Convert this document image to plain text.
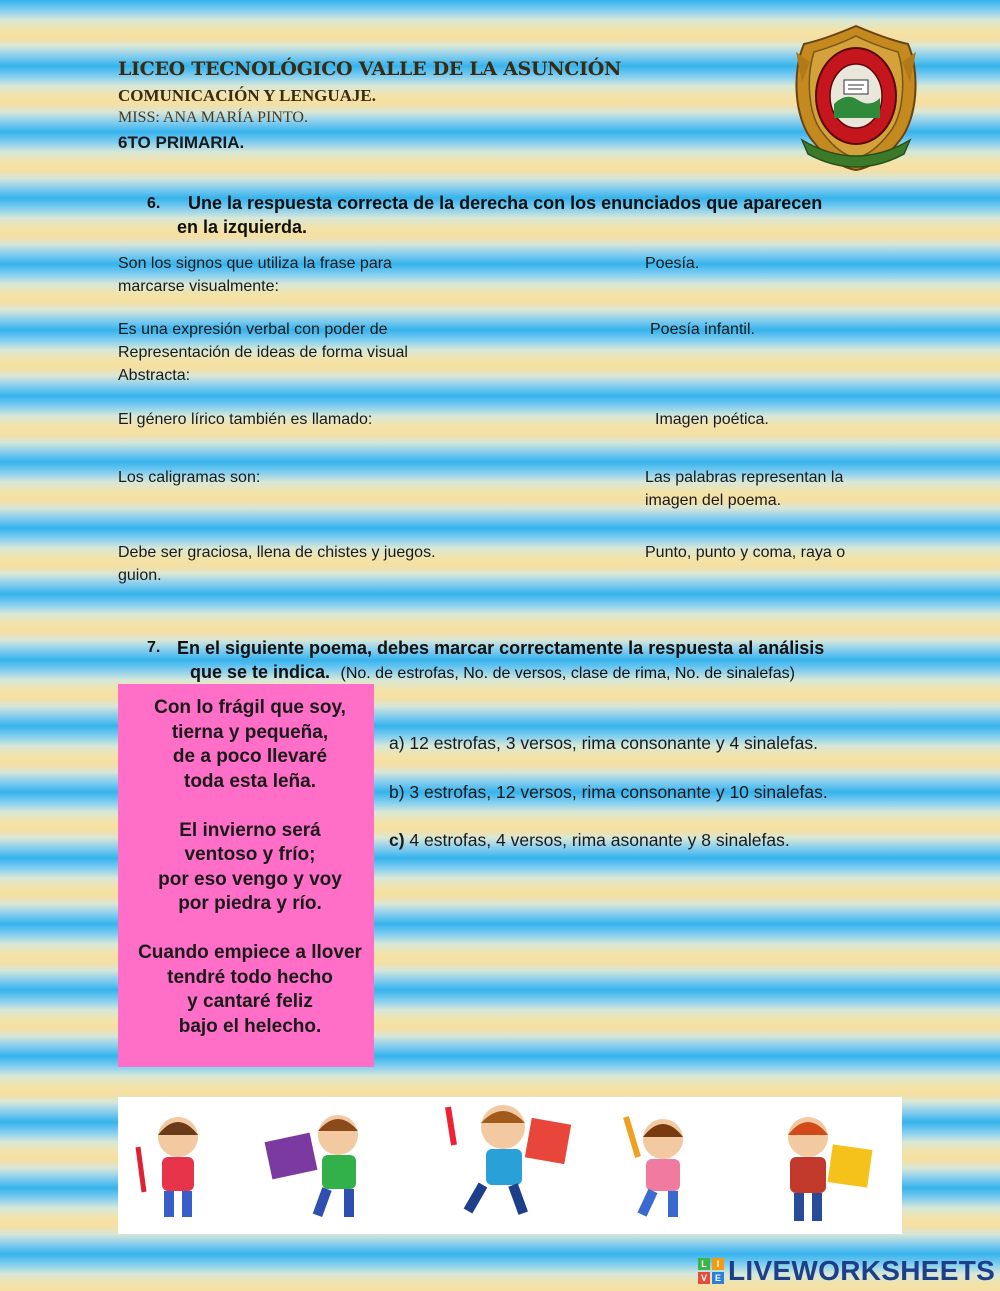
LICEO TECNOLÓGICO VALLE DE LA ASUNCIÓN
COMUNICACIÓN Y LENGUAJE.
MISS: ANA MARÍA PINTO.
6TO PRIMARIA.
6. Une la respuesta correcta de la derecha con los enunciados que aparecen
en la izquierda.
Son los signos que utiliza la frase para
marcarse visualmente:
Es una expresión verbal con poder de
Representación de ideas de forma visual
Abstracta:
El género lírico también es llamado:
Los caligramas son:
Debe ser graciosa, llena de chistes y juegos.
guion.
Poesía.
Poesía infantil.
Imagen poética.
Las palabras representan la
imagen del poema.
Punto, punto y coma, raya o
7. En el siguiente poema, debes marcar correctamente la respuesta al análisis
que se te indica. (No. de estrofas, No. de versos, clase de rima, No. de sinalefas)
Con lo frágil que soy,
tierna y pequeña,
de a poco llevaré
toda esta leña.
El invierno será
ventoso y frío;
por eso vengo y voy
por piedra y río.
Cuando empiece a llover
tendré todo hecho
y cantaré feliz
bajo el helecho.
a) 12 estrofas, 3 versos, rima consonante y 4 sinalefas.
b) 3 estrofas, 12 versos, rima consonante y 10 sinalefas.
c) 4 estrofas, 4 versos, rima asonante y 8 sinalefas.
L	I
V E LIVEWORKSHEETS
